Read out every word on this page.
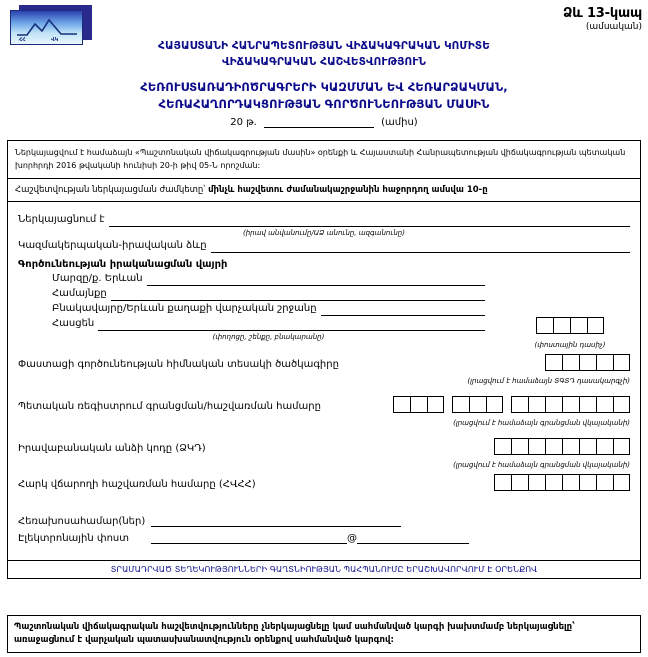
ՀՀ	ՎԿ
Ձև 13-կապ
(ամսական)
ՀԱՅԱՍՏԱՆԻ ՀԱՆՐԱՊԵՏՈՒԹՅԱՆ ՎԻՃԱԿԱԳՐԱԿԱՆ ԿՈՄԻՏԵ
ՎԻՃԱԿԱԳՐԱԿԱՆ ՀԱՇՎԵՏՎՈՒԹՅՈՒՆ
ՀԵՌՈՒՍՏԱՌԱԴԻՈԾՐԱԳՐԵՐԻ ԿԱԶՄՄԱՆ ԵՎ ՀԵՌԱՐՁԱԿՄԱՆ,
ՀԵՌԱՀԱՂՈՐԴԱԿՑՈՒԹՅԱՆ ԳՈՐԾՈՒՆԵՈՒԹՅԱՆ ՄԱՍԻՆ
20 թ.	(ամիս)

Ներկայացվում է համաձայն «Պաշտոնական վիճակագրության մասին» օրենքի և Հայաստանի Հանրապետության վիճակագրության պետական խորհրդի 2016 թվականի հունիսի 20-ի թիվ 05-Ն որոշման:

Հաշվետվության ներկայացման ժամկետը՝ մինչև հաշվետու ժամանակաշրջանին հաջորդող ամսվա 10-ը
Ներկայացնում է
(իրավ անվանումը/ԱՁ անունը, ազգանունը)
Կազմակերպական-իրավական ձևը
Գործունեության իրականացման վայրի
Մարզը/ք. Երևան
Համայնքը
Բնակավայրը/Երևան քաղաքի վարչական շրջանը
Հասցեն
(փողոցը, շենքը, բնակարանը)
(փոստային դասիչ)
Փաստացի գործունեության հիմնական տեսակի ծածկագիրը
(լրացվում է համաձայն ՏԳՏԴ դասակարգչի)
Պետական ռեգիստրում գրանցման/հաշվառման համարը
(լրացվում է համաձայն գրանցման վկայականի)
Իրավաբանական անձի կոդը (ՁԿԴ)
(լրացվում է համաձայն գրանցման վկայականի)
Հարկ վճարողի հաշվառման համարը (ՀՎՀՀ)
Հեռախոսահամար(ներ)
Էլեկտրոնային փոստ	@
ՏՐԱՄԱԴՐՎԱԾ ՏԵՂԵԿՈՒԹՅՈՒՆՆԵՐԻ ԳԱՂՏՆԻՈՒԹՅԱՆ ՊԱՀՊԱՆՈՒՄԸ ԵՐԱՇԽԱՎՈՐՎՈՒՄ Է ՕՐԵՆՔՈՎ

Պաշտոնական վիճակագրական հաշվետվությունները չներկայացնելը կամ սահմանված կարգի խախտմամբ ներկայացնելը՝ առաջացնում է վարչական պատասխանատվություն օրենքով սահմանված կարգով:
